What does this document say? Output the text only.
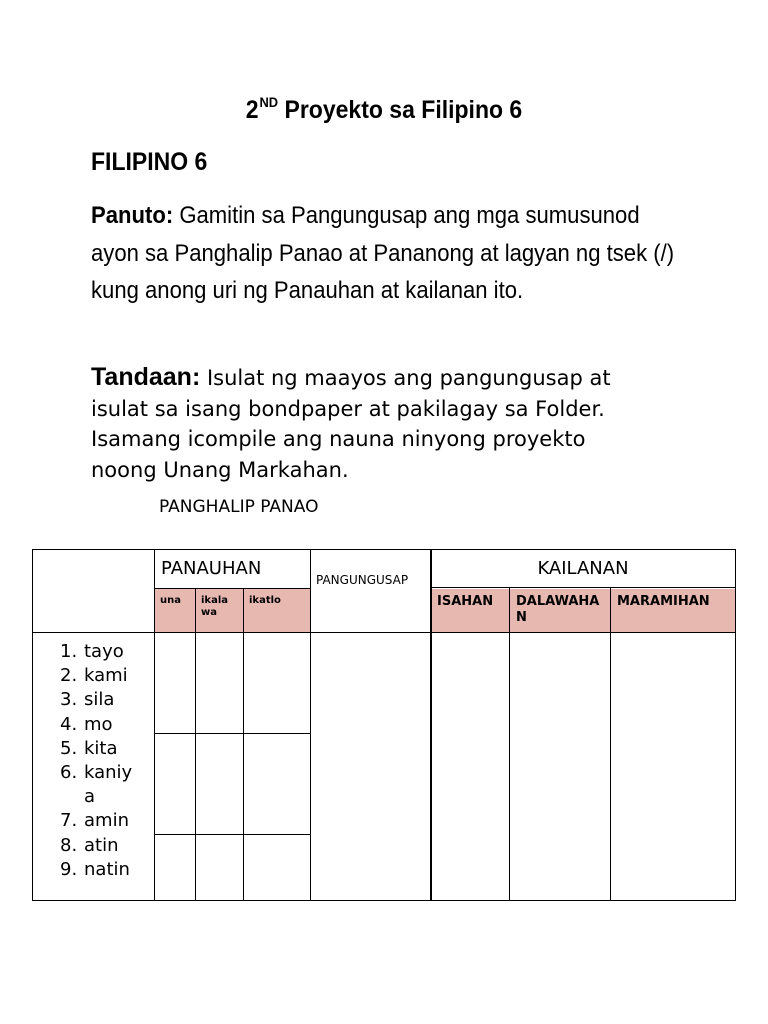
2ND Proyekto sa Filipino 6
FILIPINO 6
Panuto: Gamitin sa Pangungusap ang mga sumusunod ayon sa Panghalip Panao at Pananong at lagyan ng tsek (/) kung anong uri ng Panauhan at kailanan ito.
Tandaan: Isulat ng maayos ang pangungusap at
isulat sa isang bondpaper at pakilagay sa Folder.
Isamang icompile ang nauna ninyong proyekto
noong Unang Markahan.
PANGHALIP PANAO
PANAUHAN
PANGUNGUSAP
KAILANAN
una ikala wa
ikatlo	ISAHAN DALAWAHA N
MARAMIHAN
1. tayo
2. kami
3. sila
4. mo
5. kita
6. kaniya
7. amin
8. atin
9. natin
